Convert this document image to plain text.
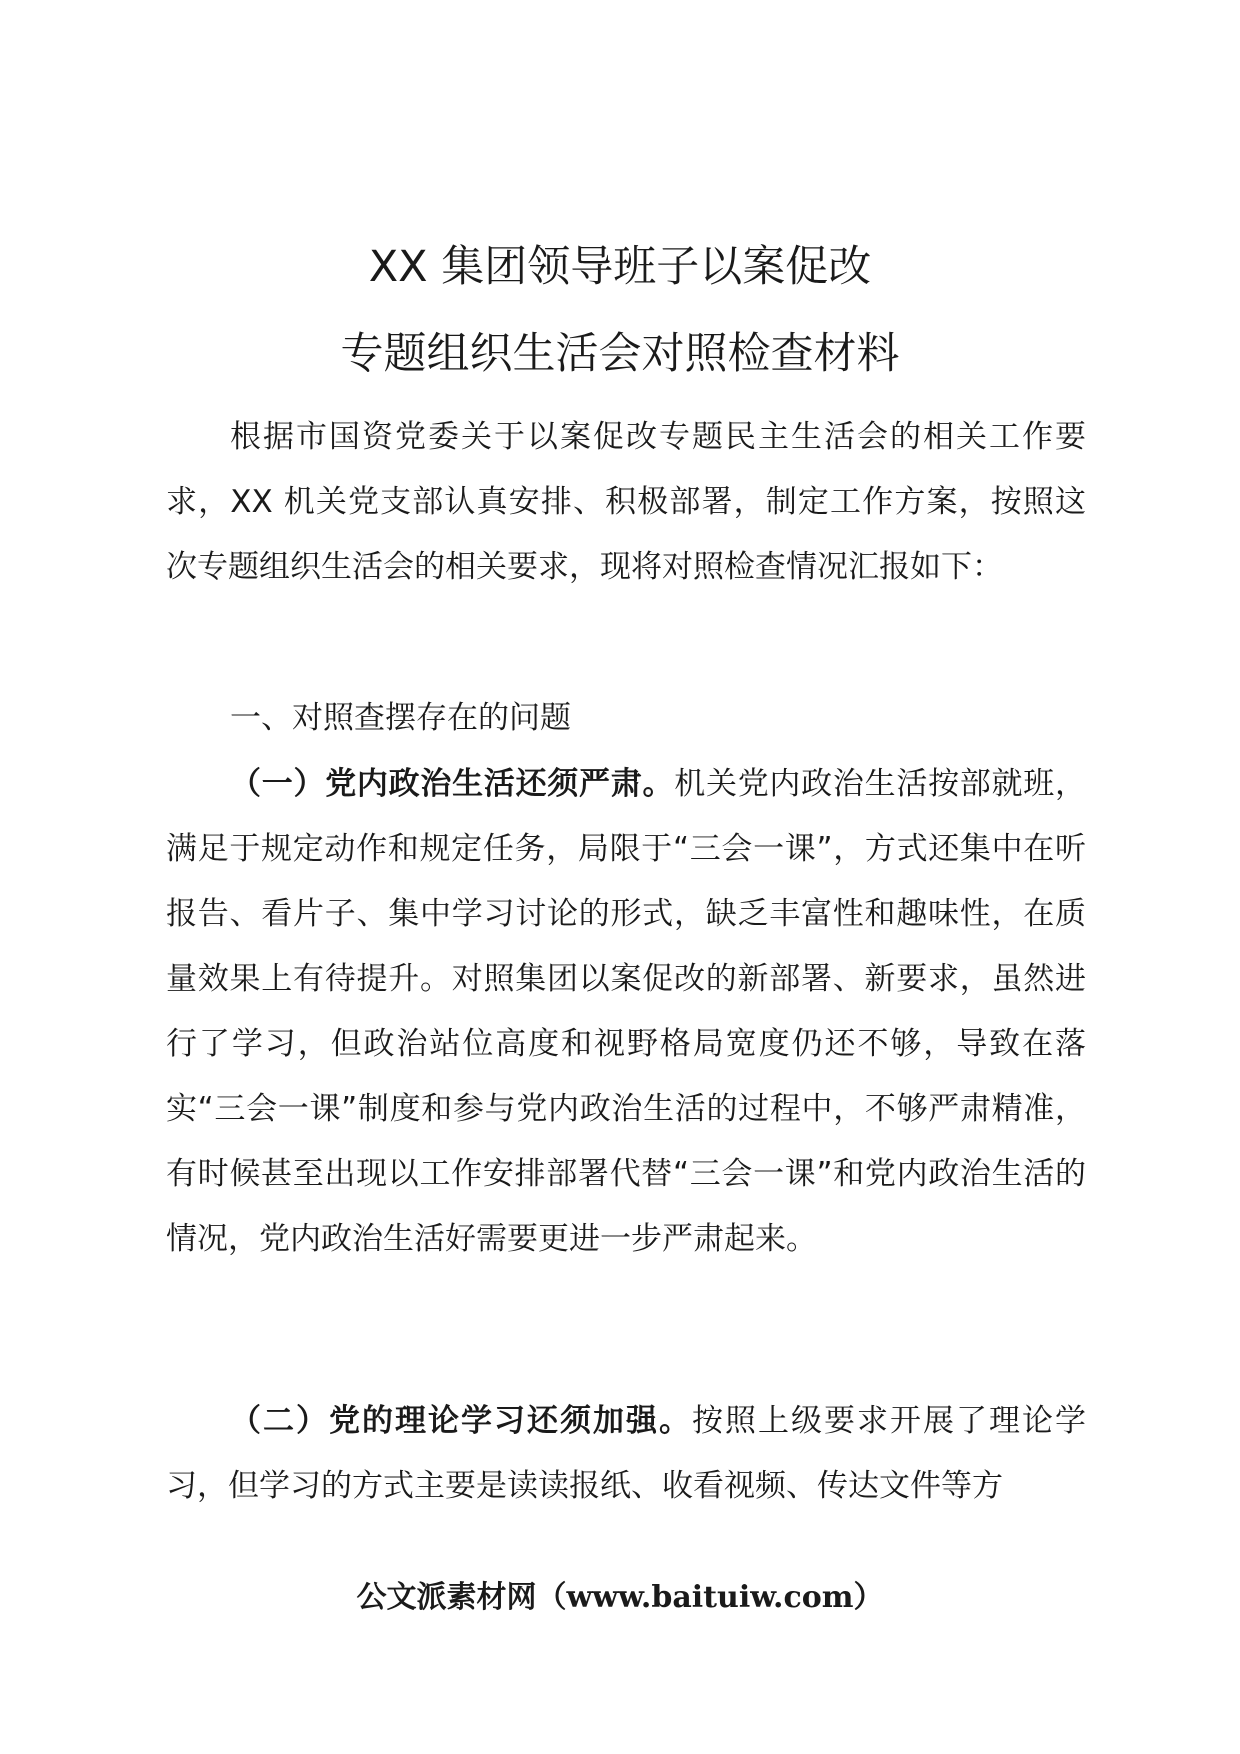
XX 集团领导班子以案促改
专题组织生活会对照检查材料

根据市国资党委关于以案促改专题民主生活会的相关工作要求，XX 机关党支部认真安排、积极部署，制定工作方案，按照这次专题组织生活会的相关要求，现将对照检查情况汇报如下：

一、对照查摆存在的问题

（一）党内政治生活还须严肃。机关党内政治生活按部就班，满足于规定动作和规定任务，局限于“三会一课”，方式还集中在听报告、看片子、集中学习讨论的形式，缺乏丰富性和趣味性，在质量效果上有待提升。对照集团以案促改的新部署、新要求，虽然进行了学习，但政治站位高度和视野格局宽度仍还不够，导致在落实“三会一课”制度和参与党内政治生活的过程中，不够严肃精准，有时候甚至出现以工作安排部署代替“三会一课”和党内政治生活的情况，党内政治生活好需要更进一步严肃起来。

（二）党的理论学习还须加强。按照上级要求开展了理论学习，但学习的方式主要是读读报纸、收看视频、传达文件等方

公文派素材网（www.baituiw.com）
